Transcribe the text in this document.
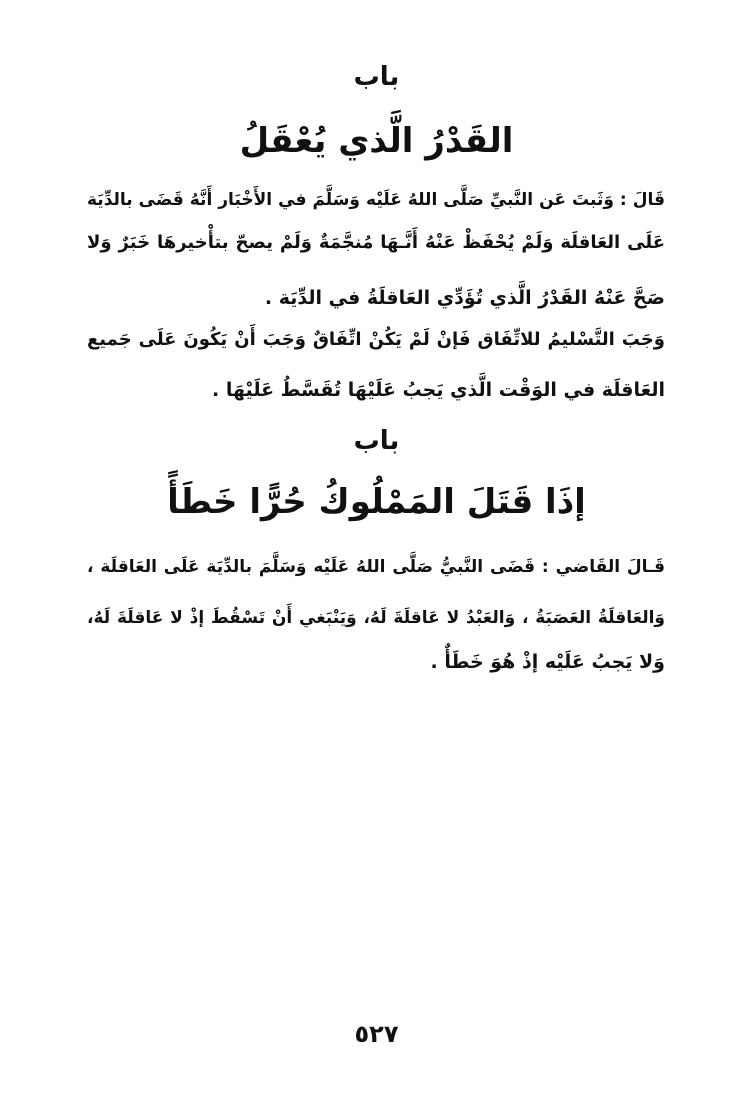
باب
القَدْرُ الَّذي يُعْقَلُ
قَالَ : وَثَبتَ عَن النَّبيِّ صَلَّى اللهُ عَلَيْه وَسَلَّمَ في الأَخْبَار أَنَّهُ قَضَى بالدِّيَة
عَلَى العَاقلَة وَلَمْ يُحْفَظْ عَنْهُ أَنَّـهَا مُنجَّمَةٌ وَلَمْ يصحّ بتأْخيرهَا خَبَرٌ وَلا
صَحَّ عَنْهُ القَدْرُ الَّذي تُؤَدِّي العَاقلَةُ في الدِّيَة .
وَجَبَ التَّسْليمُ للاتِّفَاق فَإنْ لَمْ يَكُنْ اتِّفَاقٌ وَجَبَ أَنْ يَكُونَ عَلَى جَميع
العَاقلَة في الوَقْت الَّذي يَجبُ عَلَيْهَا تُقَسَّطُ عَلَيْهَا .
باب
إذَا قَتَلَ المَمْلُوكُ حُرًّا خَطَأً
قَـالَ القَاضي : قَضَى النَّبيُّ صَلَّى اللهُ عَلَيْه وَسَلَّمَ بالدِّيَة عَلَى العَاقلَة ،
وَالعَاقلَةُ العَصَبَةُ ، وَالعَبْدُ لا عَاقلَةَ لَهُ، وَيَنْبَغي أَنْ تَسْقُطَ إذْ لا عَاقلَةَ لَهُ،
وَلا يَجبُ عَلَيْه إذْ هُوَ خَطَأٌ .
٥٢٧
